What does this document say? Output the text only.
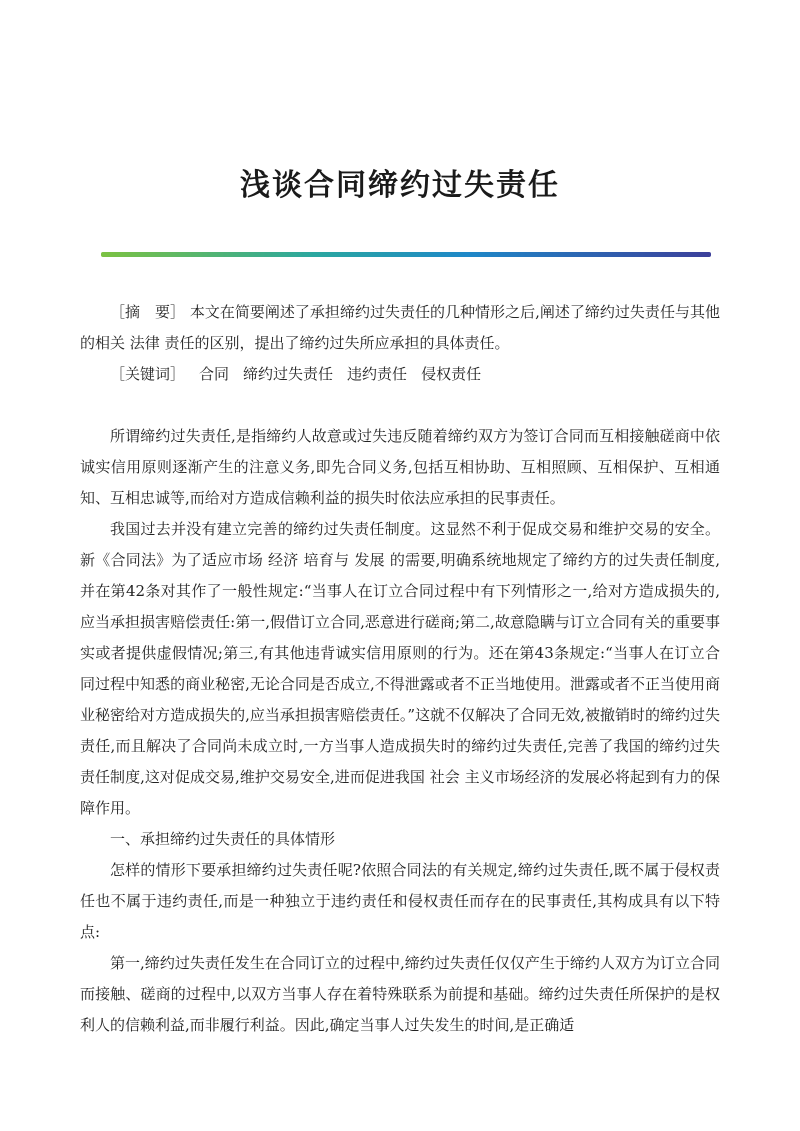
浅谈合同缔约过失责任

［摘　要］ 本文在简要阐述了承担缔约过失责任的几种情形之后,阐述了缔约过失责任与其他的相关 法律 责任的区别，提出了缔约过失所应承担的具体责任。

［关键词］ 合同 缔约过失责任 违约责任 侵权责任

所谓缔约过失责任,是指缔约人故意或过失违反随着缔约双方为签订合同而互相接触磋商中依诚实信用原则逐渐产生的注意义务,即先合同义务,包括互相协助、互相照顾、互相保护、互相通知、互相忠诚等,而给对方造成信赖利益的损失时依法应承担的民事责任。

我国过去并没有建立完善的缔约过失责任制度。这显然不利于促成交易和维护交易的安全。新《合同法》为了适应市场 经济 培育与 发展 的需要,明确系统地规定了缔约方的过失责任制度,并在第42条对其作了一般性规定:“当事人在订立合同过程中有下列情形之一,给对方造成损失的,应当承担损害赔偿责任:第一,假借订立合同,恶意进行磋商;第二,故意隐瞒与订立合同有关的重要事实或者提供虚假情况;第三,有其他违背诚实信用原则的行为。还在第43条规定:“当事人在订立合同过程中知悉的商业秘密,无论合同是否成立,不得泄露或者不正当地使用。泄露或者不正当使用商业秘密给对方造成损失的,应当承担损害赔偿责任。”这就不仅解决了合同无效,被撤销时的缔约过失责任,而且解决了合同尚未成立时,一方当事人造成损失时的缔约过失责任,完善了我国的缔约过失责任制度,这对促成交易,维护交易安全,进而促进我国 社会 主义市场经济的发展必将起到有力的保障作用。

一、承担缔约过失责任的具体情形

怎样的情形下要承担缔约过失责任呢?依照合同法的有关规定,缔约过失责任,既不属于侵权责任也不属于违约责任,而是一种独立于违约责任和侵权责任而存在的民事责任,其构成具有以下特点:

第一,缔约过失责任发生在合同订立的过程中,缔约过失责任仅仅产生于缔约人双方为订立合同而接触、磋商的过程中,以双方当事人存在着特殊联系为前提和基础。缔约过失责任所保护的是权利人的信赖利益,而非履行利益。因此,确定当事人过失发生的时间,是正确适
